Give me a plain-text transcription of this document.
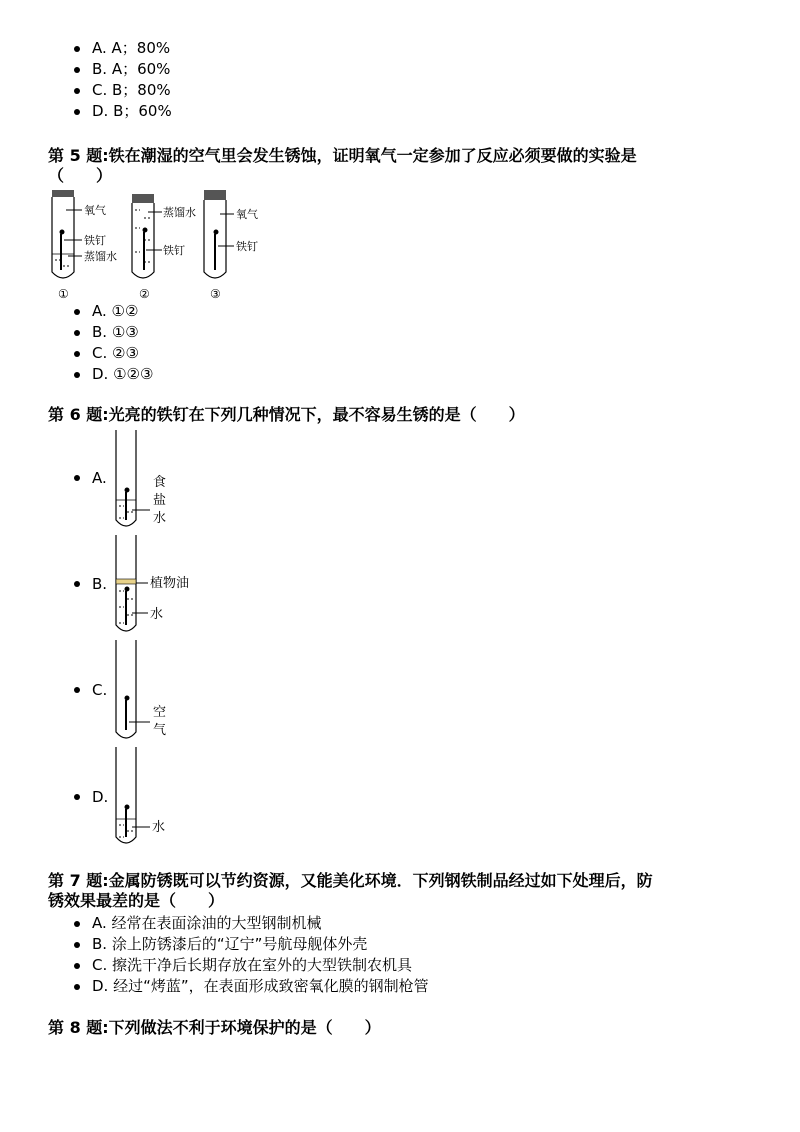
A. A；80%
B. A；60%
C. B；80%
D. B；60%
第 5 题:铁在潮湿的空气里会发生锈蚀，证明氧气一定参加了反应必须要做的实验是
（　　）
氧气
铁钉
蒸馏水
①
蒸馏水
铁钉
②
氧气
铁钉
③
A. ①②
B. ①③
C. ②③
D. ①②③
第 6 题:光亮的铁钉在下列几种情况下，最不容易生锈的是（　　）
A.	食
盐
水
B.	植物油
水
C.
空
气
D.
水
第 7 题:金属防锈既可以节约资源，又能美化环境．下列钢铁制品经过如下处理后，防
锈效果最差的是（　　）
A. 经常在表面涂油的大型钢制机械
B. 涂上防锈漆后的“辽宁”号航母舰体外壳
C. 擦洗干净后长期存放在室外的大型铁制农机具
D. 经过“烤蓝”，在表面形成致密氧化膜的钢制枪管
第 8 题:下列做法不利于环境保护的是（　　）
